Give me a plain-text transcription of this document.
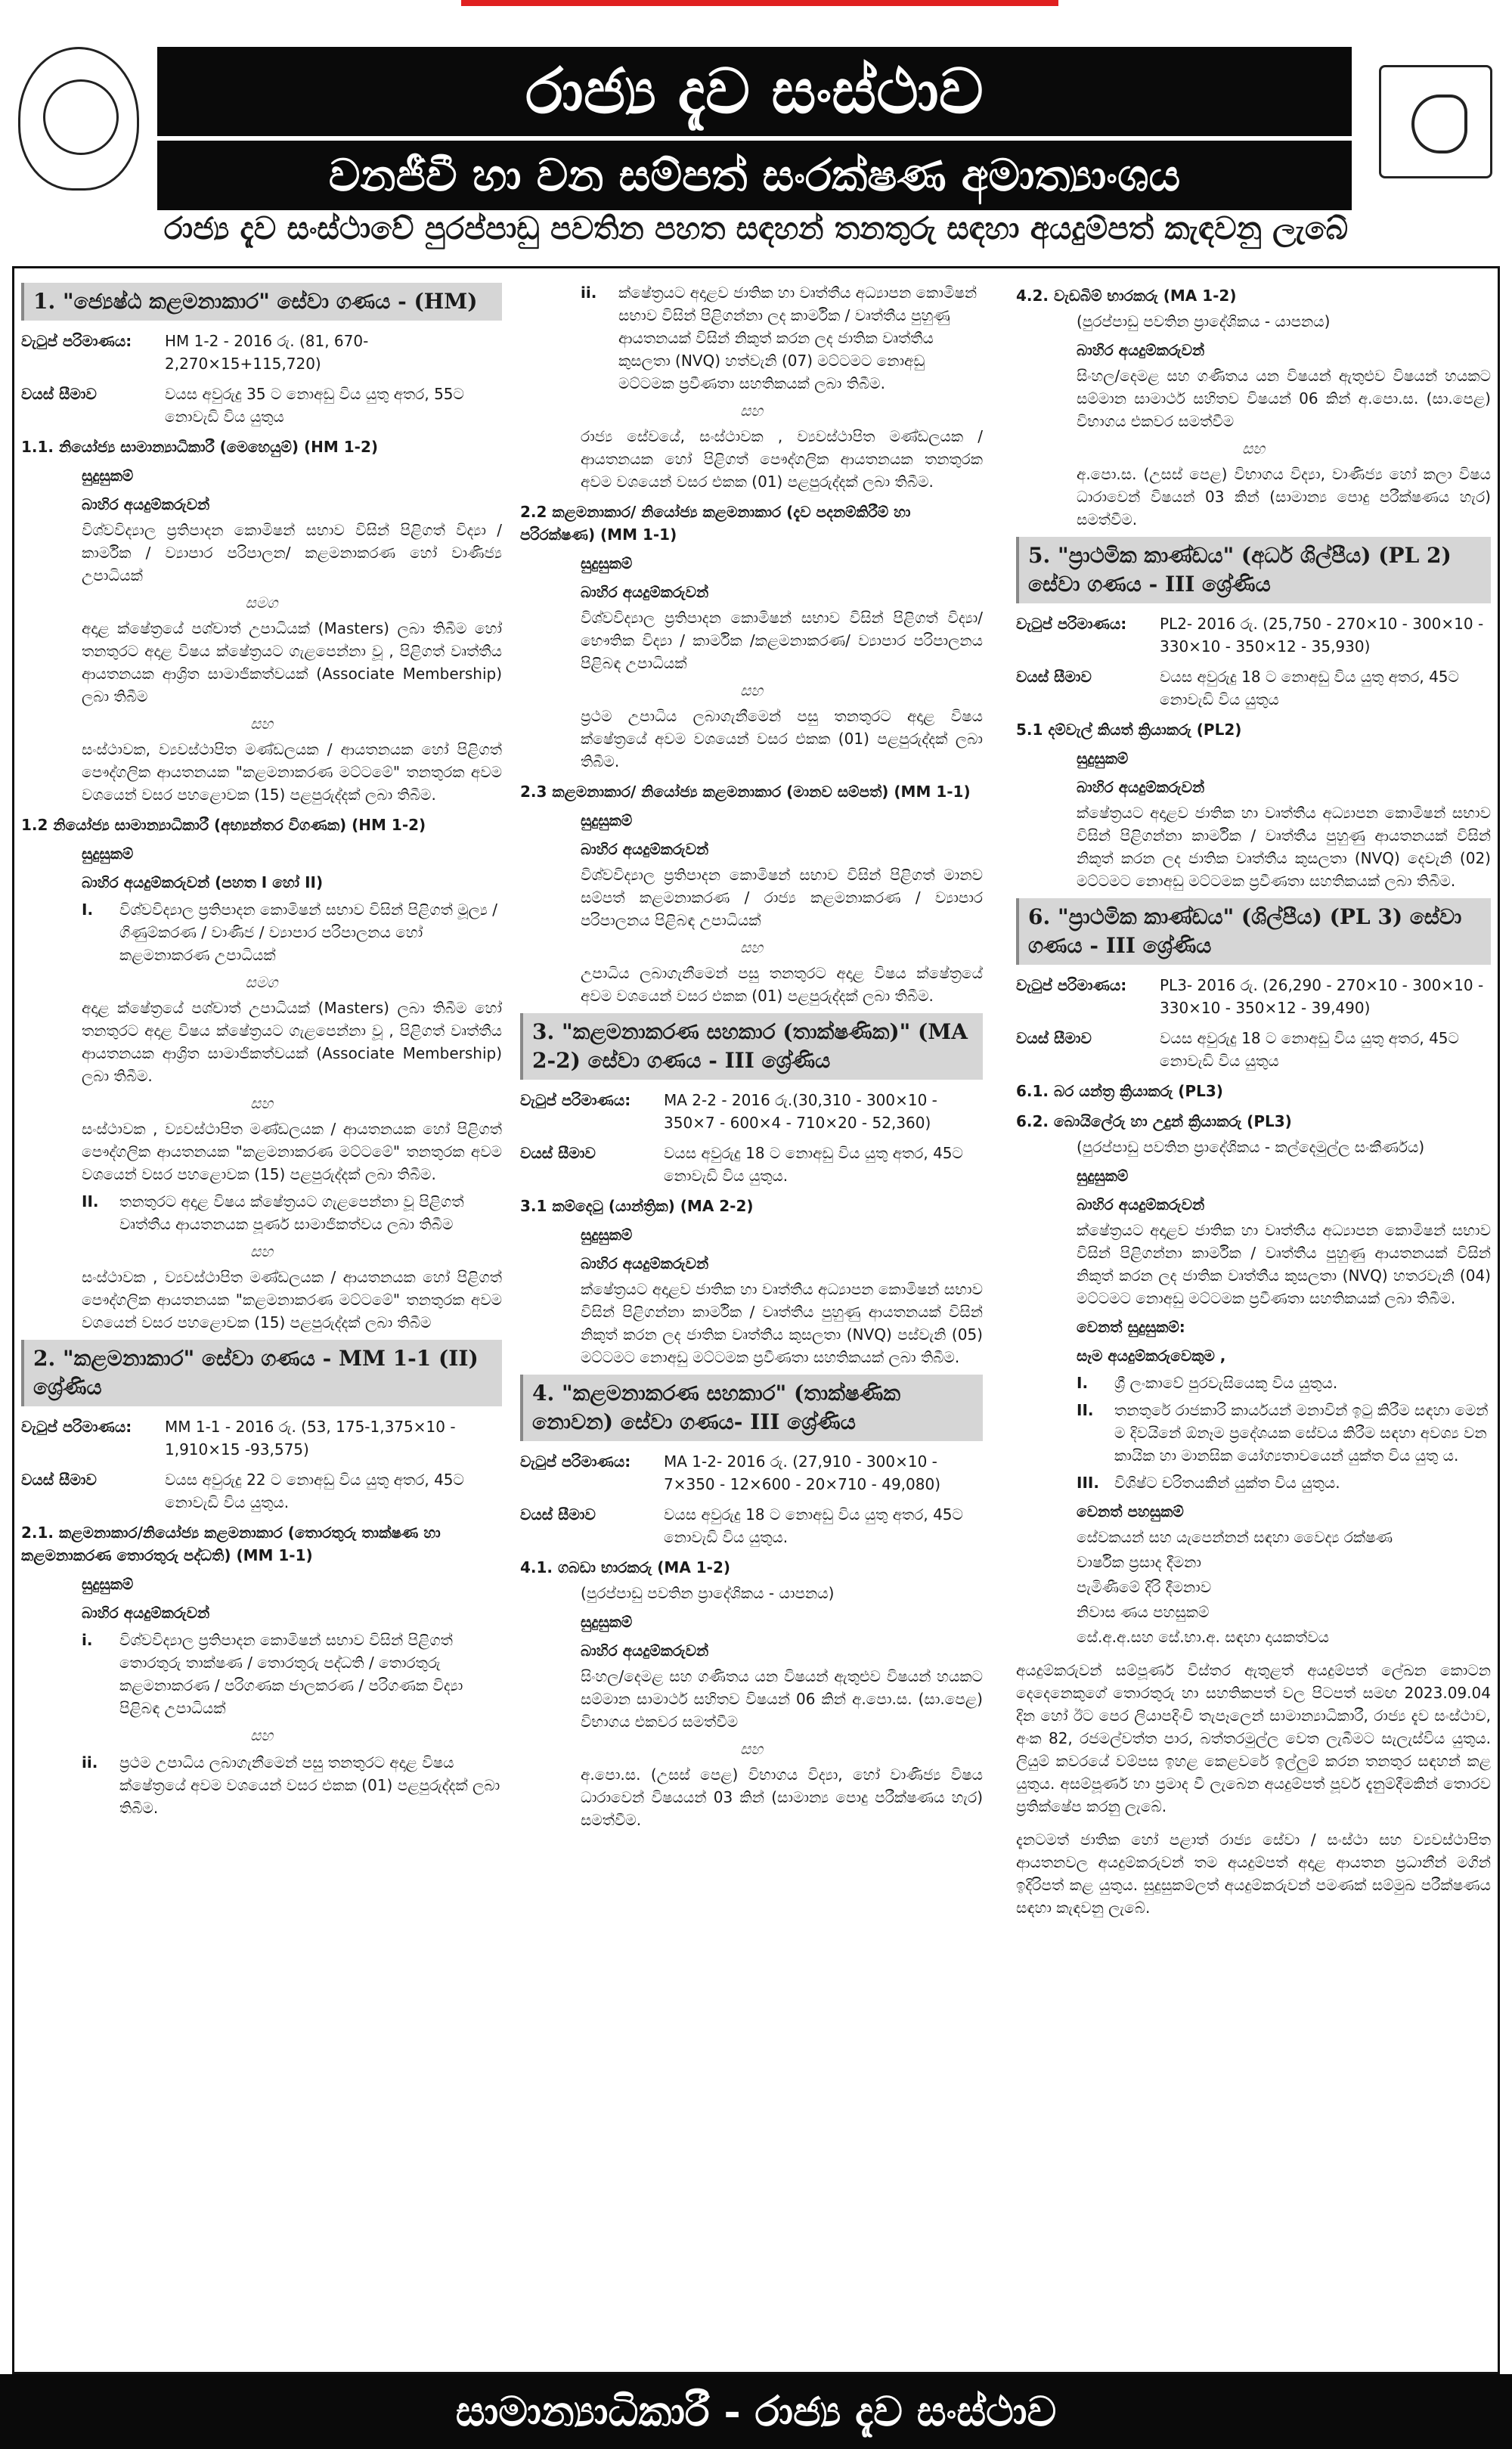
රාජ්‍ය දැව සංස්ථාව
වනජීවී හා වන සම්පත් සංරක්ෂණ අමාත්‍යාංශය
රාජ්‍ය දැව සංස්ථාවේ පුරප්පාඩු පවතින පහත සඳහන් තනතුරු සඳහා අයදුම්පත් කැඳවනු ලැබේ
1. "ජ්‍යෙෂ්ඨ කළමනාකාර" සේවා ගණය - (HM)
වැටුප් පරිමාණය:	HM 1-2 - 2016 රු. (81, 670-2,270×15+115,720)
වයස් සීමාව	වයස අවුරුදු 35 ට නොඅඩු විය යුතු අතර, 55ට නොවැඩි විය යුතුය
1.1. නියෝජ්‍ය සාමාන්‍යාධිකාරී (මෙහෙයුම්) (HM 1-2)
සුදුසුකම්
බාහිර අයදුම්කරුවන්
විශ්වවිද්‍යාල ප්‍රතිපාදන කොමිෂන් සභාව විසින් පිළිගත් විද්‍යා / කාර්මික / ව්‍යාපාර පරිපාලන/ කළමනාකරණ හෝ වාණිජ්‍ය උපාධියක්
සමග
අදාළ ක්ෂේත්‍රයේ පශ්චාත් උපාධියක් (Masters) ලබා තිබීම හෝ තනතුරට අදාළ විෂය ක්ෂේත්‍රයට ගැළපෙන්නා වූ , පිළිගත් වෘත්තීය ආයතනයක ආශ්‍රිත සාමාජිකත්වයක් (Associate Membership) ලබා තිබීම
සහ
සංස්ථාවක, ව්‍යවස්ථාපිත මණ්ඩලයක / ආයතනයක හෝ පිළිගත් පෞද්ගලික ආයතනයක "කළමනාකරණ මට්ටමේ" තනතුරක අවම වශයෙන් වසර පහළොවක (15) පළපුරුද්දක් ලබා තිබීම.
1.2 නියෝජ්‍ය සාමාන්‍යාධිකාරී (අභ්‍යන්තර විගණක) (HM 1-2)
සුදුසුකම්
බාහිර අයදුම්කරුවන් (පහත I හෝ II)
I.	විශ්වවිද්‍යාල ප්‍රතිපාදන කොමිෂන් සභාව විසින් පිළිගත් මූල්‍ය / ගිණුම්කරණ / වාණිජ / ව්‍යාපාර පරිපාලනය හෝ කළමනාකරණ උපාධියක්
සමග
අදාළ ක්ෂේත්‍රයේ පශ්චාත් උපාධියක් (Masters) ලබා තිබීම හෝ තනතුරට අදාළ විෂය ක්ෂේත්‍රයට ගැළපෙන්නා වූ , පිළිගත් වෘත්තීය ආයතනයක ආශ්‍රිත සාමාජිකත්වයක් (Associate Membership) ලබා තිබීම.
සහ
සංස්ථාවක , ව්‍යවස්ථාපිත මණ්ඩලයක / ආයතනයක හෝ පිළිගත් පෞද්ගලික ආයතනයක "කළමනාකරණ මට්ටමේ" තනතුරක අවම වශයෙන් වසර පහළොවක (15) පළපුරුද්දක් ලබා තිබීම.
II.	තනතුරට අදාළ විෂය ක්ෂේත්‍රයට ගැළපෙන්නා වූ පිළිගත් වෘත්තීය ආයතනයක පූර්ණ සාමාජිකත්වය ලබා තිබීම
සහ
සංස්ථාවක , ව්‍යවස්ථාපිත මණ්ඩලයක / ආයතනයක හෝ පිළිගත් පෞද්ගලික ආයතනයක "කළමනාකරණ මට්ටමේ" තනතුරක අවම වශයෙන් වසර පහළොවක (15) පළපුරුද්දක් ලබා තිබීම
2. "කළමනාකාර" සේවා ගණය - MM 1-1 (II) ශ්‍රේණිය
වැටුප් පරිමාණය:	MM 1-1 - 2016 රු. (53, 175-1,375×10 - 1,910×15 -93,575)
වයස් සීමාව	වයස අවුරුදු 22 ට නොඅඩු විය යුතු අතර, 45ට නොවැඩි විය යුතුය.
2.1. කළමනාකාර/නියෝජ්‍ය කළමනාකාර (තොරතුරු තාක්ෂණ හා කළමනාකරණ තොරතුරු පද්ධති) (MM 1-1)
සුදුසුකම්
බාහිර අයදුම්කරුවන්
i.	විශ්වවිද්‍යාල ප්‍රතිපාදන කොමිෂන් සභාව විසින් පිළිගත් තොරතුරු තාක්ෂණ / තොරතුරු පද්ධති / තොරතුරු කළමනාකරණ / පරිගණක ජාලකරණ / පරිගණක විද්‍යා පිළිබඳ උපාධියක්
සහ
ii.	ප්‍රථම උපාධිය ලබාගැනීමෙන් පසු තනතුරට අදාළ විෂය ක්ෂේත්‍රයේ අවම වශයෙන් වසර එකක (01) පළපුරුද්දක් ලබා තිබීම.
ii.	ක්ෂේත්‍රයට අදාළව ජාතික හා වෘත්තීය අධ්‍යාපන කොමිෂන් සභාව විසින් පිළිගන්නා ලද කාර්මික / වෘත්තීය පුහුණු ආයතනයක් විසින් නිකුත් කරන ලද ජාතික වෘත්තීය කුසලතා (NVQ) හත්වැනි (07) මට්ටමට නොඅඩු මට්ටමක ප්‍රවීණතා සහතිකයක් ලබා තිබීම.
සහ
රාජ්‍ය සේවයේ, සංස්ථාවක , ව්‍යවස්ථාපිත මණ්ඩලයක / ආයතනයක හෝ පිළිගත් පෞද්ගලික ආයතනයක තනතුරක අවම වශයෙන් වසර එකක (01) පළපුරුද්දක් ලබා තිබීම.
2.2 කළමනාකාර/ නියෝජ්‍ය කළමනාකාර (දැව පදනම්කිරීම් හා පරිරක්ෂණ) (MM 1-1)
සුදුසුකම්
බාහිර අයදුම්කරුවන්
විශ්වවිද්‍යාල ප්‍රතිපාදන කොමිෂන් සභාව විසින් පිළිගත් විද්‍යා/භෞතික විද්‍යා / කාර්මික /කළමනාකරණ/ ව්‍යාපාර පරිපාලනය පිළිබඳ උපාධියක්
සහ
ප්‍රථම උපාධිය ලබාගැනීමෙන් පසු තනතුරට අදාළ විෂය ක්ෂේත්‍රයේ අවම වශයෙන් වසර එකක (01) පළපුරුද්දක් ලබා තිබීම.
2.3 කළමනාකාර/ නියෝජ්‍ය කළමනාකාර (මානව සම්පත්) (MM 1-1)
සුදුසුකම්
බාහිර අයදුම්කරුවන්
විශ්වවිද්‍යාල ප්‍රතිපාදන කොමිෂන් සභාව විසින් පිළිගත් මානව සම්පත් කළමනාකරණ / රාජ්‍ය කළමනාකරණ / ව්‍යාපාර පරිපාලනය පිළිබඳ උපාධියක්
සහ
උපාධිය ලබාගැනීමෙන් පසු තනතුරට අදාළ විෂය ක්ෂේත්‍රයේ අවම වශයෙන් වසර එකක (01) පළපුරුද්දක් ලබා තිබීම.
3. "කළමනාකරණ සහකාර (තාක්ෂණික)" (MA 2-2) සේවා ගණය - III ශ්‍රේණිය
වැටුප් පරිමාණය:	MA 2-2 - 2016 රු.(30,310 - 300×10 - 350×7 - 600×4 - 710×20 - 52,360)
වයස් සීමාව	වයස අවුරුදු 18 ට නොඅඩු විය යුතු අතර, 45ට නොවැඩි විය යුතුය.
3.1 කම්දෙටු (යාන්ත්‍රික) (MA 2-2)
සුදුසුකම්
බාහිර අයදුම්කරුවන්
ක්ෂේත්‍රයට අදාළව ජාතික හා වෘත්තීය අධ්‍යාපන කොමිෂන් සභාව විසින් පිළිගන්නා කාර්මික / වෘත්තීය පුහුණු ආයතනයක් විසින් නිකුත් කරන ලද ජාතික වෘත්තීය කුසලතා (NVQ) පස්වැනි (05) මට්ටමට නොඅඩු මට්ටමක ප්‍රවීණතා සහතිකයක් ලබා තිබීම.
4. "කළමනාකරණ සහකාර" (තාක්ෂණික නොවන) සේවා ගණය- III ශ්‍රේණිය
වැටුප් පරිමාණය:	MA 1-2- 2016 රු. (27,910 - 300×10 - 7×350 - 12×600 - 20×710 - 49,080)
වයස් සීමාව	වයස අවුරුදු 18 ට නොඅඩු විය යුතු අතර, 45ට නොවැඩි විය යුතුය.
4.1. ගබඩා භාරකරු (MA 1-2)
(පුරප්පාඩු පවතින ප්‍රාදේශිකය - යාපනය)
සුදුසුකම්
බාහිර අයදුම්කරුවන්
සිංහල/දෙමළ සහ ගණිතය යන විෂයන් ඇතුළුව විෂයන් හයකට සම්මාන සාමාර්ථ සහිතව විෂයන් 06 කින් අ.පො.ස. (සා.පෙළ) විභාගය එකවර සමත්වීම
සහ
අ.පො.ස. (උසස් පෙළ) විභාගය විද්‍යා, හෝ වාණිජ්‍ය විෂය ධාරාවෙන් විෂයයන් 03 කින් (සාමාන්‍ය පොදු පරීක්ෂණය හැර) සමත්වීම.
4.2. වැඩබිම් භාරකරු (MA 1-2)
(පුරප්පාඩු පවතින ප්‍රාදේශිකය - යාපනය)
බාහිර අයදුම්කරුවන්
සිංහල/දෙමළ සහ ගණිතය යන විෂයන් ඇතුළුව විෂයන් හයකට සම්මාන සාමාර්ථ සහිතව විෂයන් 06 කින් අ.පො.ස. (සා.පෙළ) විභාගය එකවර සමත්වීම
සහ
අ.පො.ස. (උසස් පෙළ) විභාගය විද්‍යා, වාණිජ්‍ය හෝ කලා විෂය ධාරාවෙන් විෂයන් 03 කින් (සාමාන්‍ය පොදු පරීක්ෂණය හැර) සමත්වීම.
5. "ප්‍රාථමික කාණ්ඩය" (අර්ධ ශිල්පීය) (PL 2) සේවා ගණය - III ශ්‍රේණිය
වැටුප් පරිමාණය:	PL2- 2016 රු. (25,750 - 270×10 - 300×10 - 330×10 - 350×12 - 35,930)
වයස් සීමාව	වයස අවුරුදු 18 ට නොඅඩු විය යුතු අතර, 45ට නොවැඩි විය යුතුය
5.1 දම්වැල් කියත් ක්‍රියාකරු (PL2)
සුදුසුකම්
බාහිර අයදුම්කරුවන්
ක්ෂේත්‍රයට අදාළව ජාතික හා වෘත්තීය අධ්‍යාපන කොමිෂන් සභාව විසින් පිළිගන්නා කාර්මික / වෘත්තීය පුහුණු ආයතනයක් විසින් නිකුත් කරන ලද ජාතික වෘත්තීය කුසලතා (NVQ) දෙවැනි (02) මට්ටමට නොඅඩු මට්ටමක ප්‍රවීණතා සහතිකයක් ලබා තිබීම.
6. "ප්‍රාථමික කාණ්ඩය" (ශිල්පීය) (PL 3) සේවා ගණය - III ශ්‍රේණිය
වැටුප් පරිමාණය:	PL3- 2016 රු. (26,290 - 270×10 - 300×10 - 330×10 - 350×12 - 39,490)
වයස් සීමාව	වයස අවුරුදු 18 ට නොඅඩු විය යුතු අතර, 45ට නොවැඩි විය යුතුය
6.1. බර යන්ත්‍ර ක්‍රියාකරු (PL3)
6.2. බොයිලේරු හා උදුන් ක්‍රියාකරු (PL3)
(පුරප්පාඩු පවතින ප්‍රාදේශිකය - කල්දෙමුල්ල සංකීර්ණය)
සුදුසුකම්
බාහිර අයදුම්කරුවන්
ක්ෂේත්‍රයට අදාළව ජාතික හා වෘත්තීය අධ්‍යාපන කොමිෂන් සභාව විසින් පිළිගන්නා කාර්මික / වෘත්තීය පුහුණු ආයතනයක් විසින් නිකුත් කරන ලද ජාතික වෘත්තීය කුසලතා (NVQ) හතරවැනි (04) මට්ටමට නොඅඩු මට්ටමක ප්‍රවීණතා සහතිකයක් ලබා තිබීම.
වෙනත් සුදුසුකම්:
සෑම අයදුම්කරුවෙකුම ,
I.	ශ්‍රී ලංකාවේ පුරවැසියෙකු විය යුතුය.
II.	තනතුරේ රාජකාරි කාර්යයන් මනාවින් ඉටු කිරීම සඳහා මෙන් ම දිවයිනේ ඕනෑම ප්‍රදේශයක සේවය කිරීම සඳහා අවශ්‍ය වන කායික හා මානසික යෝග්‍යතාවයෙන් යුක්ත විය යුතු ය.
III.	විශිෂ්ට චරිතයකින් යුක්ත විය යුතුය.
වෙනත් පහසුකම්
සේවකයන් සහ යැපෙන්නන් සඳහා වෛද්‍ය රක්ෂණ
වාර්ෂික ප්‍රසාද දීමනා
පැමිණීමේ දිරි දීමනාව
නිවාස ණය පහසුකම්
සේ.අ.අ.සහ සේ.භා.අ. සඳහා දායකත්වය
අයදුම්කරුවන් සම්පූර්ණ විස්තර ඇතුළත් අයදුම්පත් ලේඛන කොටන දෙදෙනෙකුගේ තොරතුරු හා සහතිකපත් වල පිටපත් සමඟ 2023.09.04 දින හෝ ඊට පෙර ලියාපදිංචි තැපෑලෙන් සාමාන්‍යාධිකාරී, රාජ්‍ය දැව සංස්ථාව, අංක 82, රජමල්වත්ත පාර, බත්තරමුල්ල වෙත ලැබීමට සැලැස්විය යුතුය. ලියුම් කවරයේ වම්පස ඉහළ කෙළවරේ ඉල්ලුම් කරන තනතුර සඳහන් කළ යුතුය. අසම්පූර්ණ හා ප්‍රමාද වී ලැබෙන අයදුම්පත් පූර්ව දැනුම්දීමකින් තොරව ප්‍රතික්ෂේප කරනු ලැබේ.
දැනටමත් ජාතික හෝ පළාත් රාජ්‍ය සේවා / සංස්ථා සහ ව්‍යවස්ථාපිත ආයතනවල අයදුම්කරුවන් තම අයදුම්පත් අදාළ ආයතන ප්‍රධානීන් මගින් ඉදිරිපත් කළ යුතුය. සුදුසුකම්ලත් අයදුම්කරුවන් පමණක් සම්මුඛ පරීක්ෂණය සඳහා කැඳවනු ලැබේ.
සාමාන්‍යාධිකාරී - රාජ්‍ය දැව සංස්ථාව
